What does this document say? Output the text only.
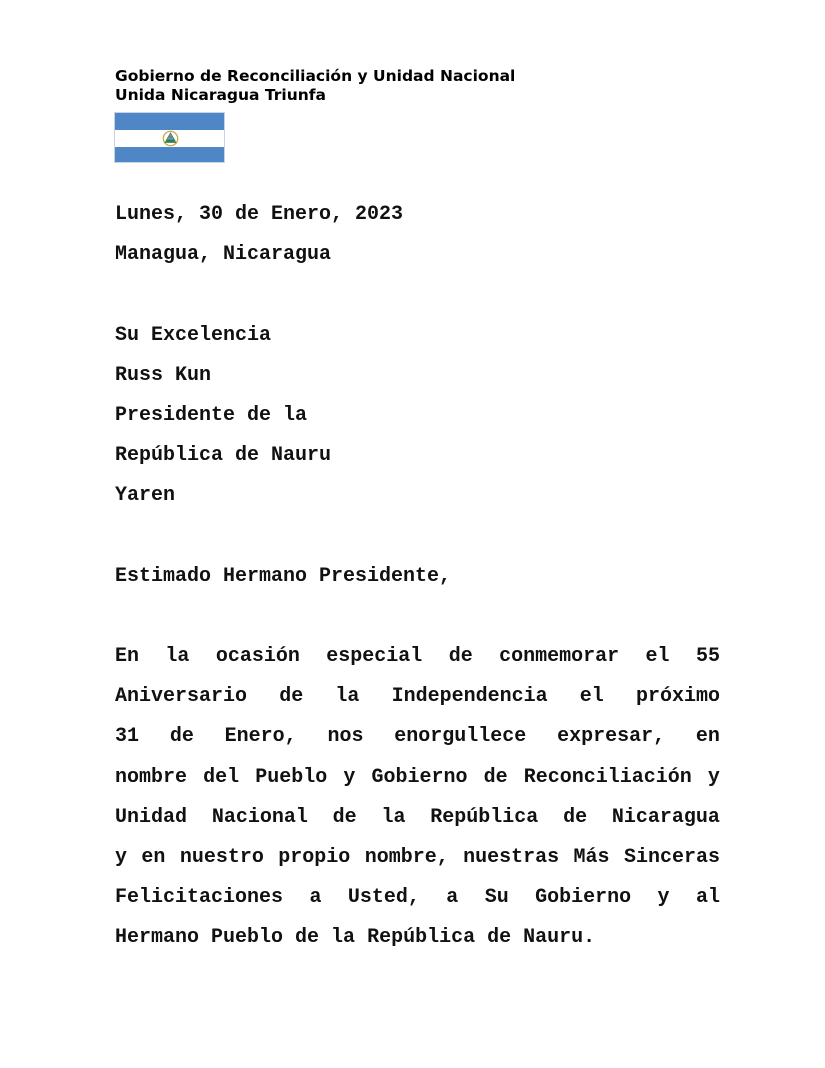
Gobierno de Reconciliación y Unidad Nacional
Unida Nicaragua Triunfa
Lunes, 30 de Enero, 2023
Managua, Nicaragua
Su Excelencia
Russ Kun
Presidente de la
República de Nauru
Yaren
Estimado Hermano Presidente,
En la ocasión especial de conmemorar el 55
Aniversario de la Independencia el próximo
31 de Enero, nos enorgullece expresar, en
nombre del Pueblo y Gobierno de Reconciliación y
Unidad Nacional de la República de Nicaragua
y en nuestro propio nombre, nuestras Más Sinceras
Felicitaciones a Usted, a Su Gobierno y al
Hermano Pueblo de la República de Nauru.
